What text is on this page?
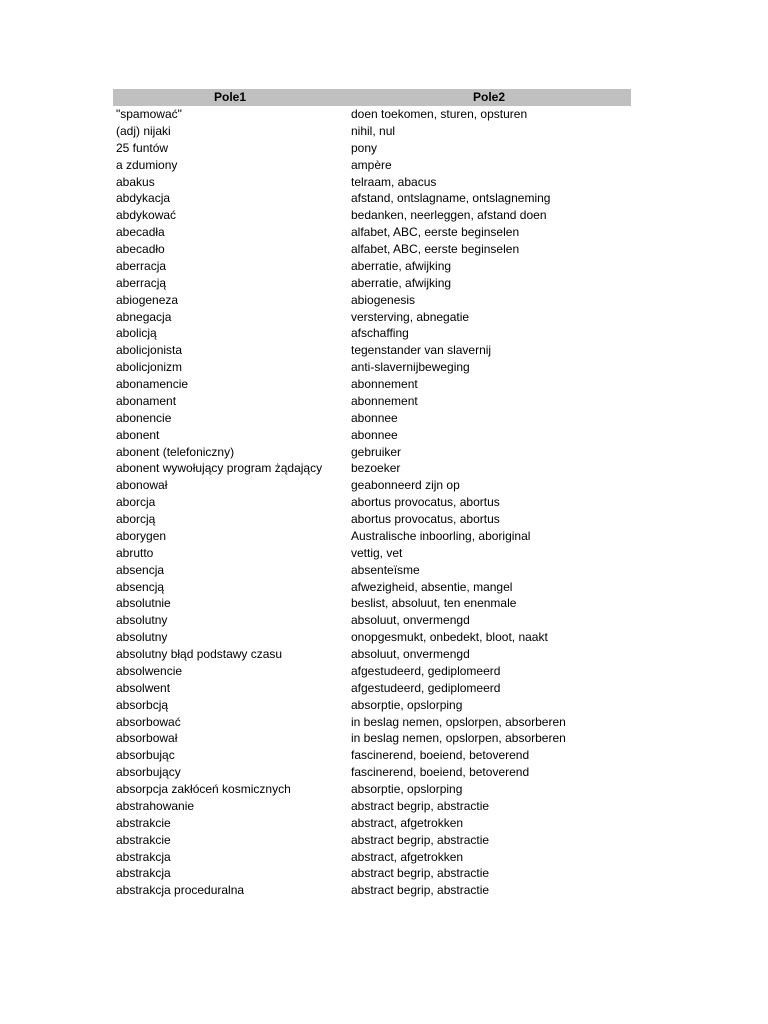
Pole1	Pole2
"spamować"	doen toekomen, sturen, opsturen
(adj) nijaki	nihil, nul
25 funtów	pony
a zdumiony	ampère
abakus	telraam, abacus
abdykacja	afstand, ontslagname, ontslagneming
abdykować	bedanken, neerleggen, afstand doen
abecadła	alfabet, ABC, eerste beginselen
abecadło	alfabet, ABC, eerste beginselen
aberracja	aberratie, afwijking
aberracją	aberratie, afwijking
abiogeneza	abiogenesis
abnegacja	versterving, abnegatie
abolicją	afschaffing
abolicjonista	tegenstander van slavernij
abolicjonizm	anti-slavernijbeweging
abonamencie	abonnement
abonament	abonnement
abonencie	abonnee
abonent	abonnee
abonent (telefoniczny)	gebruiker
abonent wywołujący program żądający	bezoeker
abonował	geabonneerd zijn op
aborcja	abortus provocatus, abortus
aborcją	abortus provocatus, abortus
aborygen	Australische inboorling, aboriginal
abrutto	vettig, vet
absencja	absenteïsme
absencją	afwezigheid, absentie, mangel
absolutnie	beslist, absoluut, ten enenmale
absolutny	absoluut, onvermengd
absolutny	onopgesmukt, onbedekt, bloot, naakt
absolutny błąd podstawy czasu	absoluut, onvermengd
absolwencie	afgestudeerd, gediplomeerd
absolwent	afgestudeerd, gediplomeerd
absorbcją	absorptie, opslorping
absorbować	in beslag nemen, opslorpen, absorberen
absorbował	in beslag nemen, opslorpen, absorberen
absorbując	fascinerend, boeiend, betoverend
absorbujący	fascinerend, boeiend, betoverend
absorpcja zakłóceń kosmicznych	absorptie, opslorping
abstrahowanie	abstract begrip, abstractie
abstrakcie	abstract, afgetrokken
abstrakcie	abstract begrip, abstractie
abstrakcja	abstract, afgetrokken
abstrakcja	abstract begrip, abstractie
abstrakcja proceduralna	abstract begrip, abstractie
